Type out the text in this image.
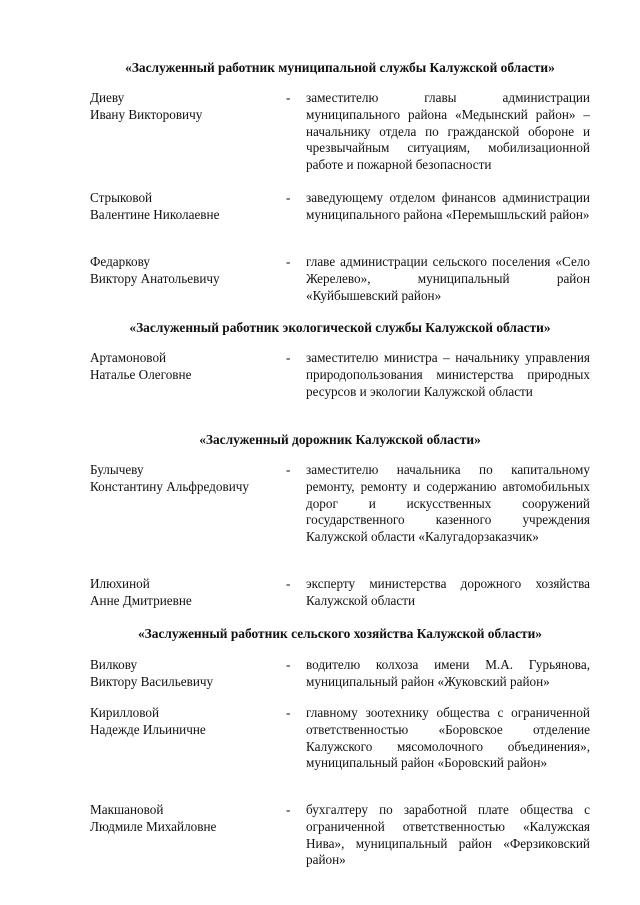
«Заслуженный работник муниципальной службы Калужской области»
Диеву
Ивану Викторовичу
- заместителю главы администрации муниципального района «Медынский район» – начальнику отдела по гражданской обороне и чрезвычайным ситуациям, мобилизационной работе и пожарной безопасности
Стрыковой
Валентине Николаевне
- заведующему отделом финансов администрации муниципального района «Перемышльский район»
Федаркову
Виктору Анатольевичу
- главе администрации сельского поселения «Село Жерелево», муниципальный район «Куйбышевский район»
«Заслуженный работник экологической службы Калужской области»
Артамоновой
Наталье Олеговне
- заместителю министра – начальнику управления природопользования министерства природных ресурсов и экологии Калужской области
«Заслуженный дорожник Калужской области»
Булычеву
Константину Альфредовичу
- заместителю начальника по капитальному ремонту, ремонту и содержанию автомобильных дорог и искусственных сооружений государственного казенного учреждения Калужской области «Калугадорзаказчик»
Илюхиной
Анне Дмитриевне
- эксперту министерства дорожного хозяйства Калужской области
«Заслуженный работник сельского хозяйства Калужской области»
Вилкову
Виктору Васильевичу
- водителю колхоза имени М.А. Гурьянова, муниципальный район «Жуковский район»
Кирилловой
Надежде Ильиничне
- главному зоотехнику общества с ограниченной ответственностью «Боровское отделение Калужского мясомолочного объединения», муниципальный район «Боровский район»
Макшановой
Людмиле Михайловне
- бухгалтеру по заработной плате общества с ограниченной ответственностью «Калужская Нива», муниципальный район «Ферзиковский район»
